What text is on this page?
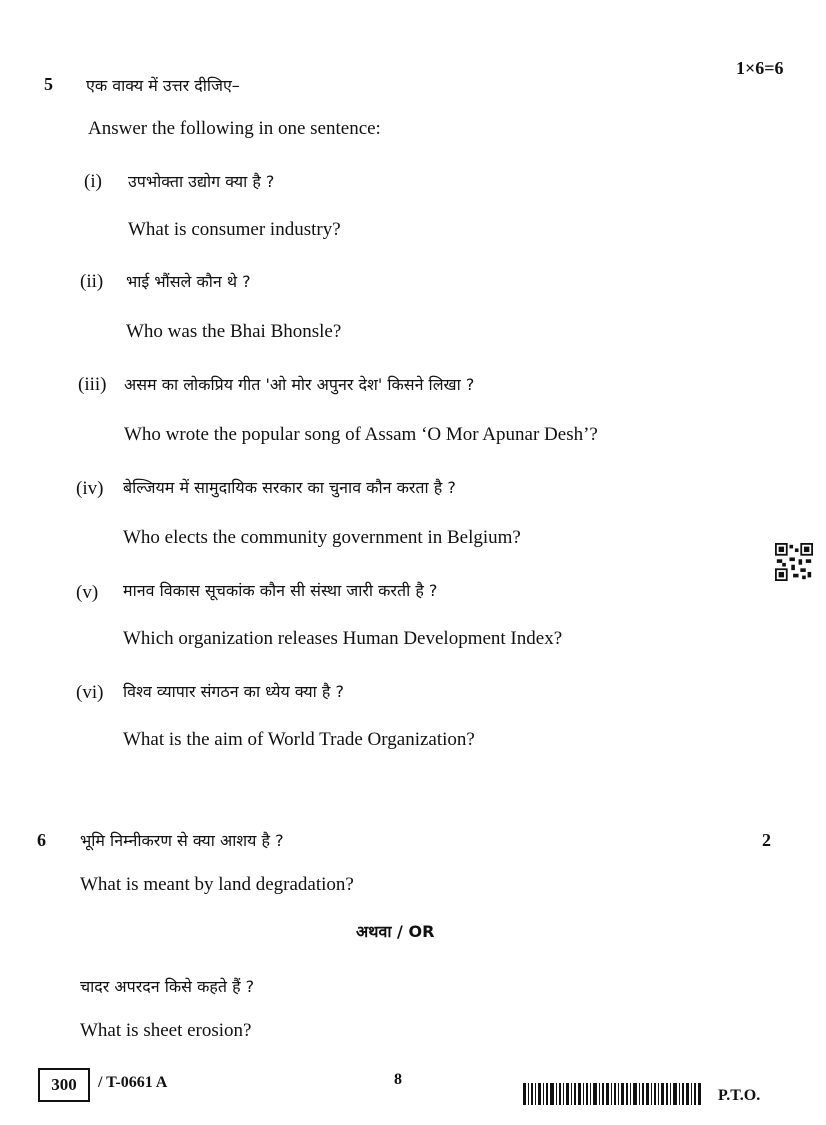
5 एक वाक्य में उत्तर दीजिए–
1×6=6
Answer the following in one sentence:
(i) उपभोक्ता उद्योग क्या है ?
What is consumer industry?
(ii) भाई भौंसले कौन थे ?
Who was the Bhai Bhonsle?
(iii) असम का लोकप्रिय गीत 'ओ मोर अपुनर देश' किसने लिखा ?
Who wrote the popular song of Assam ‘O Mor Apunar Desh’?
(iv) बेल्जियम में सामुदायिक सरकार का चुनाव कौन करता है ?
Who elects the community government in Belgium?
(v) मानव विकास सूचकांक कौन सी संस्था जारी करती है ?
Which organization releases Human Development Index?
(vi) विश्व व्यापार संगठन का ध्येय क्या है ?
What is the aim of World Trade Organization?
6 भूमि निम्नीकरण से क्या आशय है ?	2
What is meant by land degradation?
अथवा / OR
चादर अपरदन किसे कहते हैं ?
What is sheet erosion?
300	/ T-0661 A	8
P.T.O.
